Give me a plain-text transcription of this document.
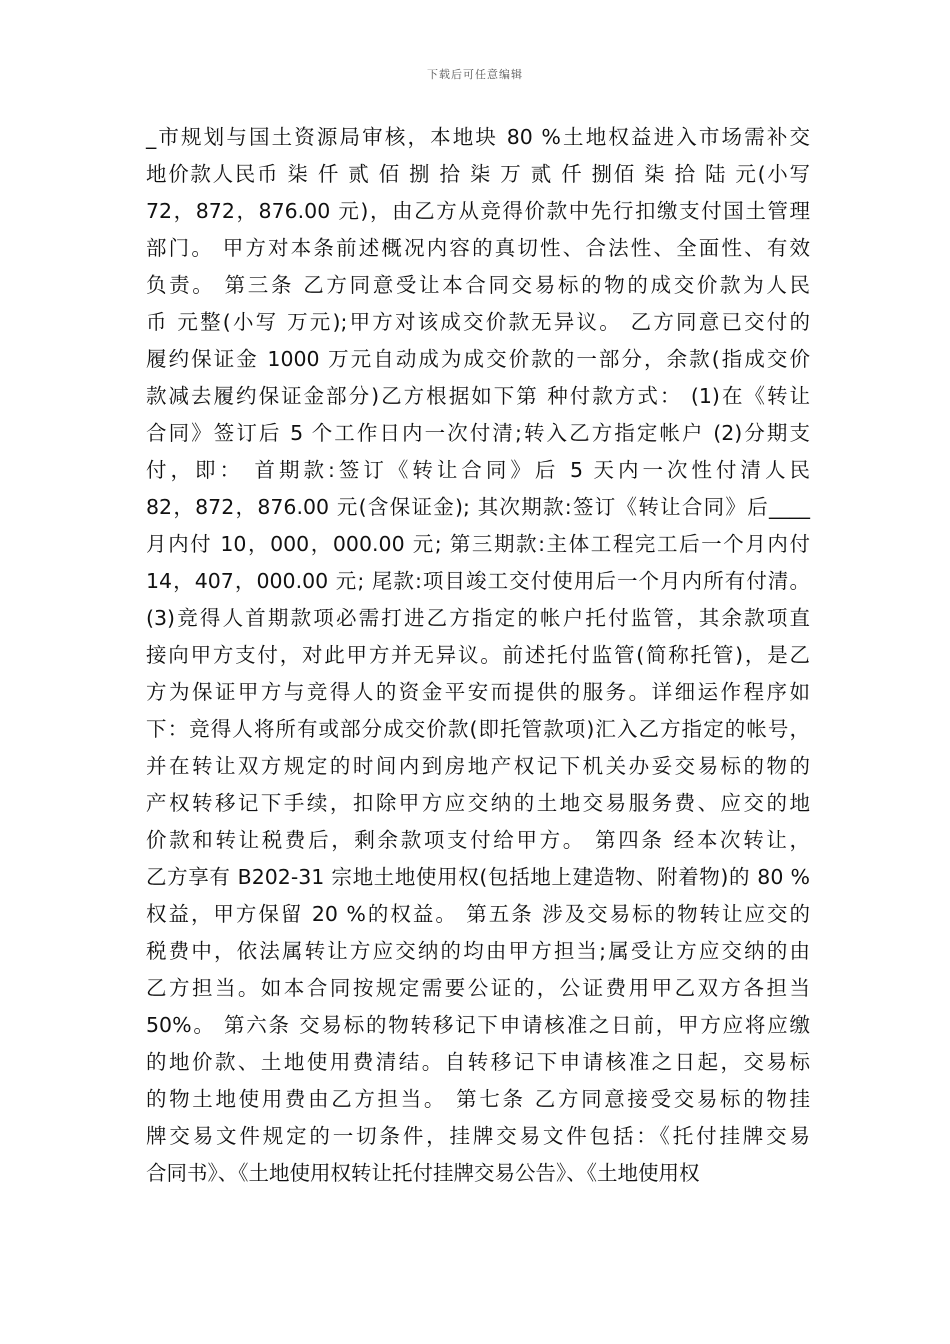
下载后可任意编辑
_市规划与国土资源局审核，本地块 80 %土地权益进入市场需补交
地价款人民币 柒 仟 贰 佰 捌 拾 柒 万 贰 仟 捌佰 柒 拾 陆 元(小写
72，872，876.00 元)，由乙方从竞得价款中先行扣缴支付国土管理
部门。 甲方对本条前述概况内容的真切性、合法性、全面性、有效
负责。 第三条 乙方同意受让本合同交易标的物的成交价款为人民
币 元整(小写 万元);甲方对该成交价款无异议。 乙方同意已交付的
履约保证金 1000 万元自动成为成交价款的一部分，余款(指成交价
款减去履约保证金部分)乙方根据如下第 种付款方式： (1)在《转让
合同》签订后 5 个工作日内一次付清;转入乙方指定帐户 (2)分期支
付，即： 首期款:签订《转让合同》后 5 天内一次性付清人民
82，872，876.00 元(含保证金); 其次期款:签订《转让合同》后____
月内付 10，000，000.00 元; 第三期款:主体工程完工后一个月内付
14，407，000.00 元; 尾款:项目竣工交付使用后一个月内所有付清。
(3)竞得人首期款项必需打进乙方指定的帐户托付监管，其余款项直
接向甲方支付，对此甲方并无异议。前述托付监管(简称托管)，是乙
方为保证甲方与竞得人的资金平安而提供的服务。详细运作程序如
下：竞得人将所有或部分成交价款(即托管款项)汇入乙方指定的帐号，
并在转让双方规定的时间内到房地产权记下机关办妥交易标的物的
产权转移记下手续，扣除甲方应交纳的土地交易服务费、应交的地
价款和转让税费后，剩余款项支付给甲方。 第四条 经本次转让，
乙方享有 B202-31 宗地土地使用权(包括地上建造物、附着物)的 80 %
权益，甲方保留 20 %的权益。 第五条 涉及交易标的物转让应交的
税费中，依法属转让方应交纳的均由甲方担当;属受让方应交纳的由
乙方担当。如本合同按规定需要公证的，公证费用甲乙双方各担当
50%。 第六条 交易标的物转移记下申请核准之日前，甲方应将应缴
的地价款、土地使用费清结。自转移记下申请核准之日起，交易标
的物土地使用费由乙方担当。 第七条 乙方同意接受交易标的物挂
牌交易文件规定的一切条件，挂牌交易文件包括：《托付挂牌交易
合同书》、《土地使用权转让托付挂牌交易公告》、《土地使用权
